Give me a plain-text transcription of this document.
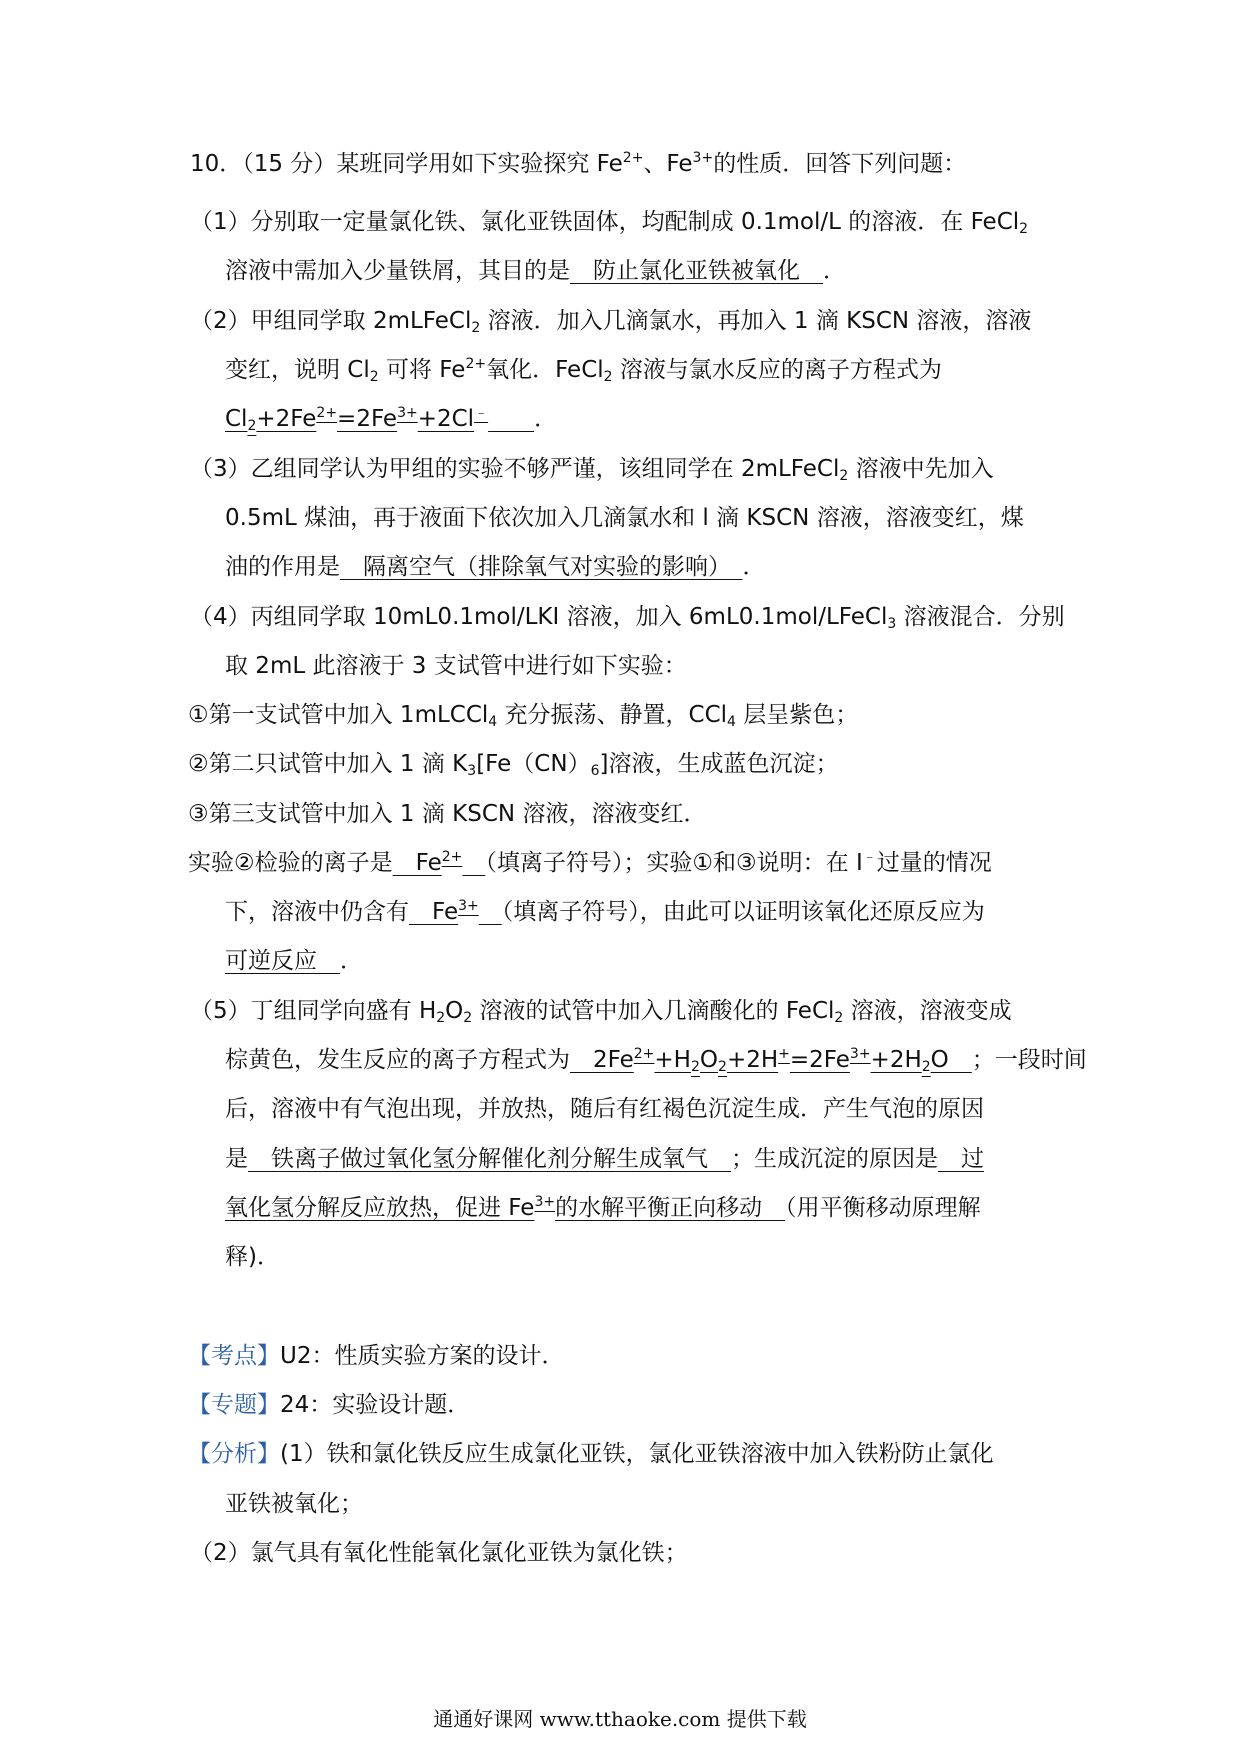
10．（15 分）某班同学用如下实验探究 $Fe^{2+}$、$Fe^{3+}$的性质．回答下列问题：
（1）分别取一定量氯化铁、氯化亚铁固体，均配制成 0.1mol/L 的溶液．在 FeCl$_2$
溶液中需加入少量铁屑，其目的是　防止氯化亚铁被氧化　．
（2）甲组同学取 2mLFeCl$_2$ 溶液．加入几滴氯水，再加入 1 滴 KSCN 溶液，溶液
变红，说明 $Cl_2$ 可将 $Fe^{2+}$氧化．FeCl$_2$ 溶液与氯水反应的离子方程式为
$Cl_2+2Fe^{2+}=2Fe^{3+}+2Cl^﹣$　　 ．
（3）乙组同学认为甲组的实验不够严谨，该组同学在 2mLFeCl$_2$ 溶液中先加入
0.5mL 煤油，再于液面下依次加入几滴氯水和 l 滴 KSCN 溶液，溶液变红，煤
油的作用是　隔离空气（排除氧气对实验的影响）　．
（4）丙组同学取 10mL0.1mol/LKI 溶液，加入 6mL0.1mol/LFeCl$_3$ 溶液混合．分别
取 2mL 此溶液于 3 支试管中进行如下实验：
①第一支试管中加入 1mLCCl$_4$ 充分振荡、静置，CCl$_4$ 层呈紫色；
②第二只试管中加入 1 滴 $K_3[Fe(CN)_6]$溶液，生成蓝色沉淀；
③第三支试管中加入 1 滴 KSCN 溶液，溶液变红．
实验②检验的离子是　$Fe^{2+}$　 （填离子符号）；实验①和③说明：在 I﹣过量的情况
下，溶液中仍含有　$Fe^{3+}$　 （填离子符号），由此可以证明该氧化还原反应为
可逆反应　 ．
（5）丁组同学向盛有 $H_2O_2$ 溶液的试管中加入几滴酸化的 FeCl$_2$ 溶液，溶液变成
棕黄色，发生反应的离子方程式为　$2Fe^{2+}+H_2O_2+2H^+=2Fe^{3+}+2H_2O$　；一段时间
后，溶液中有气泡出现，并放热，随后有红褐色沉淀生成．产生气泡的原因
是　铁离子做过氧化氢分解催化剂分解生成氧气　；生成沉淀的原因是　过
氧化氢分解反应放热，促进 $Fe^{3+}$的水解平衡正向移动　（用平衡移动原理解
释)．
【考点】U2：性质实验方案的设计．
【专题】24：实验设计题．
【分析】(1）铁和氯化铁反应生成氯化亚铁，氯化亚铁溶液中加入铁粉防止氯化
亚铁被氧化；
（2）氯气具有氧化性能氧化氯化亚铁为氯化铁；
通通好课网 www.tthaoke.com 提供下载
